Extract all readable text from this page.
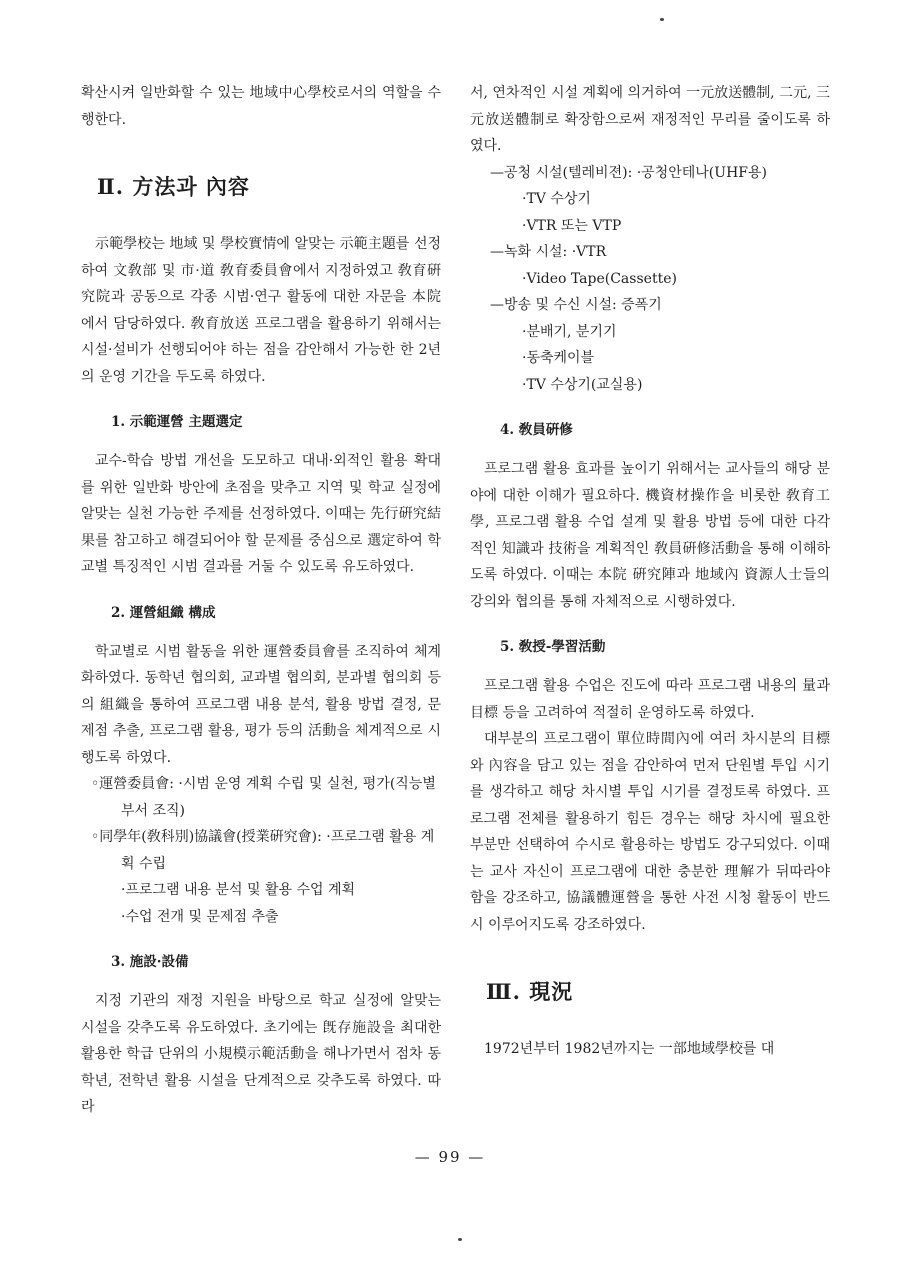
확산시켜 일반화할 수 있는 地域中心學校로서의 역할을 수행한다.

Ⅱ. 方法과 內容

示範學校는 地域 및 學校實情에 알맞는 示範主題를 선정하여 文敎部 및 市·道 敎育委員會에서 지정하였고 敎育硏究院과 공동으로 각종 시범·연구 활동에 대한 자문을 本院에서 담당하였다. 敎育放送 프로그램을 활용하기 위해서는 시설·설비가 선행되어야 하는 점을 감안해서 가능한 한 2년의 운영 기간을 두도록 하였다.

1. 示範運營 主題選定

교수-학습 방법 개선을 도모하고 대내·외적인 활용 확대를 위한 일반화 방안에 초점을 맞추고 지역 및 학교 실정에 알맞는 실천 가능한 주제를 선정하였다. 이때는 先行硏究結果를 참고하고 해결되어야 할 문제를 중심으로 選定하여 학교별 특징적인 시범 결과를 거둘 수 있도록 유도하였다.

2. 運營組織 構成

학교별로 시범 활동을 위한 運營委員會를 조직하여 체계화하였다. 동학년 협의회, 교과별 협의회, 분과별 협의회 등의 組織을 통하여 프로그램 내용 분석, 활용 방법 결정, 문제점 추출, 프로그램 활용, 평가 등의 活動을 체계적으로 시행도록 하였다.

◦運營委員會: ·시범 운영 계획 수립 및 실천, 평가(직능별 부서 조직)
◦同學年(敎科別)協議會(授業硏究會): ·프로그램 활용 계획 수립
·프로그램 내용 분석 및 활용 수업 계획
·수업 전개 및 문제점 추출
3. 施設·設備

지정 기관의 재정 지원을 바탕으로 학교 실정에 알맞는 시설을 갖추도록 유도하였다. 초기에는 旣存施設을 최대한 활용한 학급 단위의 小規模示範活動을 해나가면서 점차 동학년, 전학년 활용 시설을 단계적으로 갖추도록 하였다. 따라

서, 연차적인 시설 계획에 의거하여 一元放送體制, 二元, 三元放送體制로 확장함으로써 재정적인 무리를 줄이도록 하였다.

—공청 시설(텔레비젼): ·공청안테나(UHF용)
·TV 수상기
·VTR 또는 VTP
—녹화 시설: ·VTR
·Video Tape(Cassette)
—방송 및 수신 시설: 증폭기
·분배기, 분기기
·동축케이블
·TV 수상기(교실용)
4. 敎員硏修

프로그램 활용 효과를 높이기 위해서는 교사들의 해당 분야에 대한 이해가 필요하다. 機資材操作을 비롯한 敎育工學, 프로그램 활용 수업 설계 및 활용 방법 등에 대한 다각적인 知識과 技術을 계획적인 敎員硏修活動을 통해 이해하도록 하였다. 이때는 本院 硏究陣과 地域內 資源人士들의 강의와 협의를 통해 자체적으로 시행하였다.

5. 敎授-學習活動

프로그램 활용 수업은 진도에 따라 프로그램 내용의 量과 目標 등을 고려하여 적절히 운영하도록 하였다.

대부분의 프로그램이 單位時間內에 여러 차시분의 目標와 內容을 담고 있는 점을 감안하여 먼저 단원별 투입 시기를 생각하고 해당 차시별 투입 시기를 결정토록 하였다. 프로그램 전체를 활용하기 힘든 경우는 해당 차시에 필요한 부분만 선택하여 수시로 활용하는 방법도 강구되었다. 이때는 교사 자신이 프로그램에 대한 충분한 理解가 뒤따라야 함을 강조하고, 協議體運營을 통한 사전 시청 활동이 반드시 이루어지도록 강조하였다.

Ⅲ. 現況

1972년부터 1982년까지는 一部地域學校를 대

— 99 —
